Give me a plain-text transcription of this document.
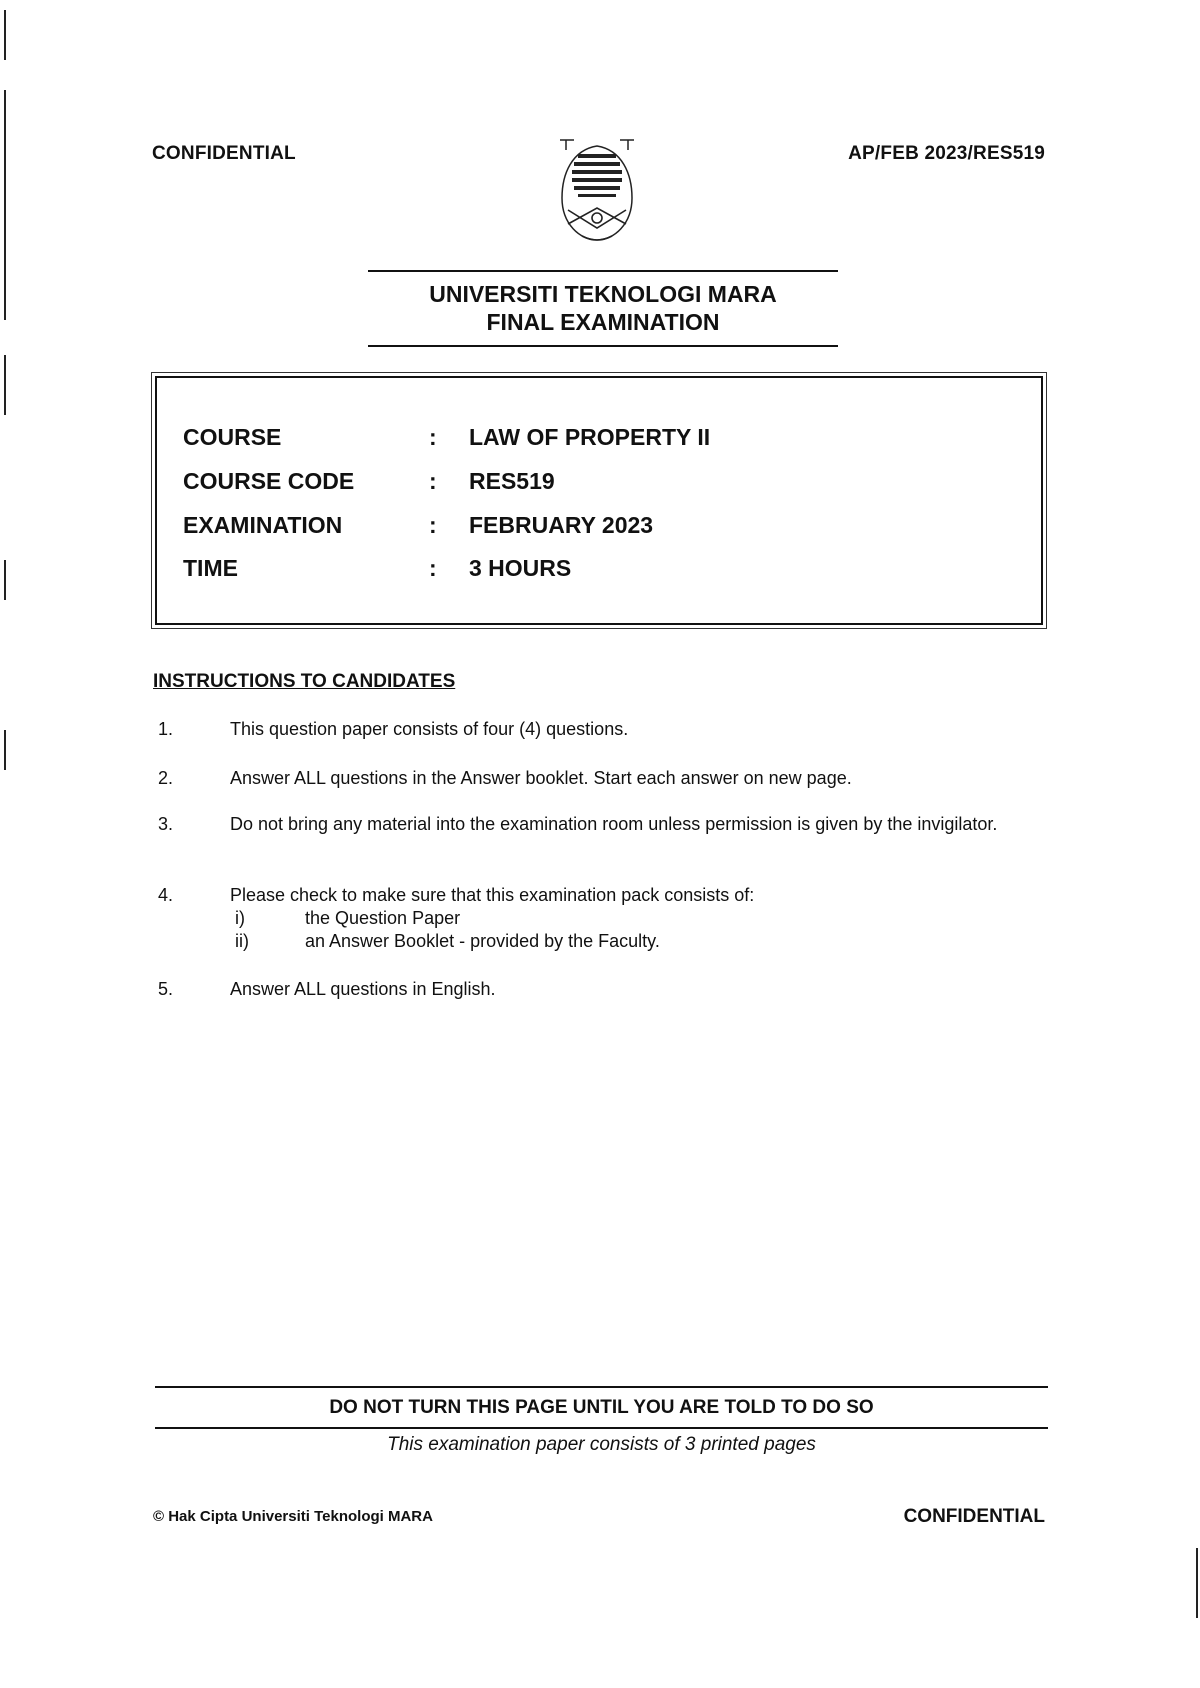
CONFIDENTIAL	AP/FEB 2023/RES519
UNIVERSITI TEKNOLOGI MARA
FINAL EXAMINATION
COURSE	: LAW OF PROPERTY II
COURSE CODE	: RES519
EXAMINATION	: FEBRUARY 2023
TIME	: 3 HOURS
INSTRUCTIONS TO CANDIDATES
1.	This question paper consists of four (4) questions.
2.	Answer ALL questions in the Answer booklet. Start each answer on new page.
3.	Do not bring any material into the examination room unless permission is given by the invigilator.
4.	Please check to make sure that this examination pack consists of:
i)	the Question Paper
ii)	an Answer Booklet - provided by the Faculty.
5.	Answer ALL questions in English.
DO NOT TURN THIS PAGE UNTIL YOU ARE TOLD TO DO SO
This examination paper consists of 3 printed pages
© Hak Cipta Universiti Teknologi MARA	CONFIDENTIAL
